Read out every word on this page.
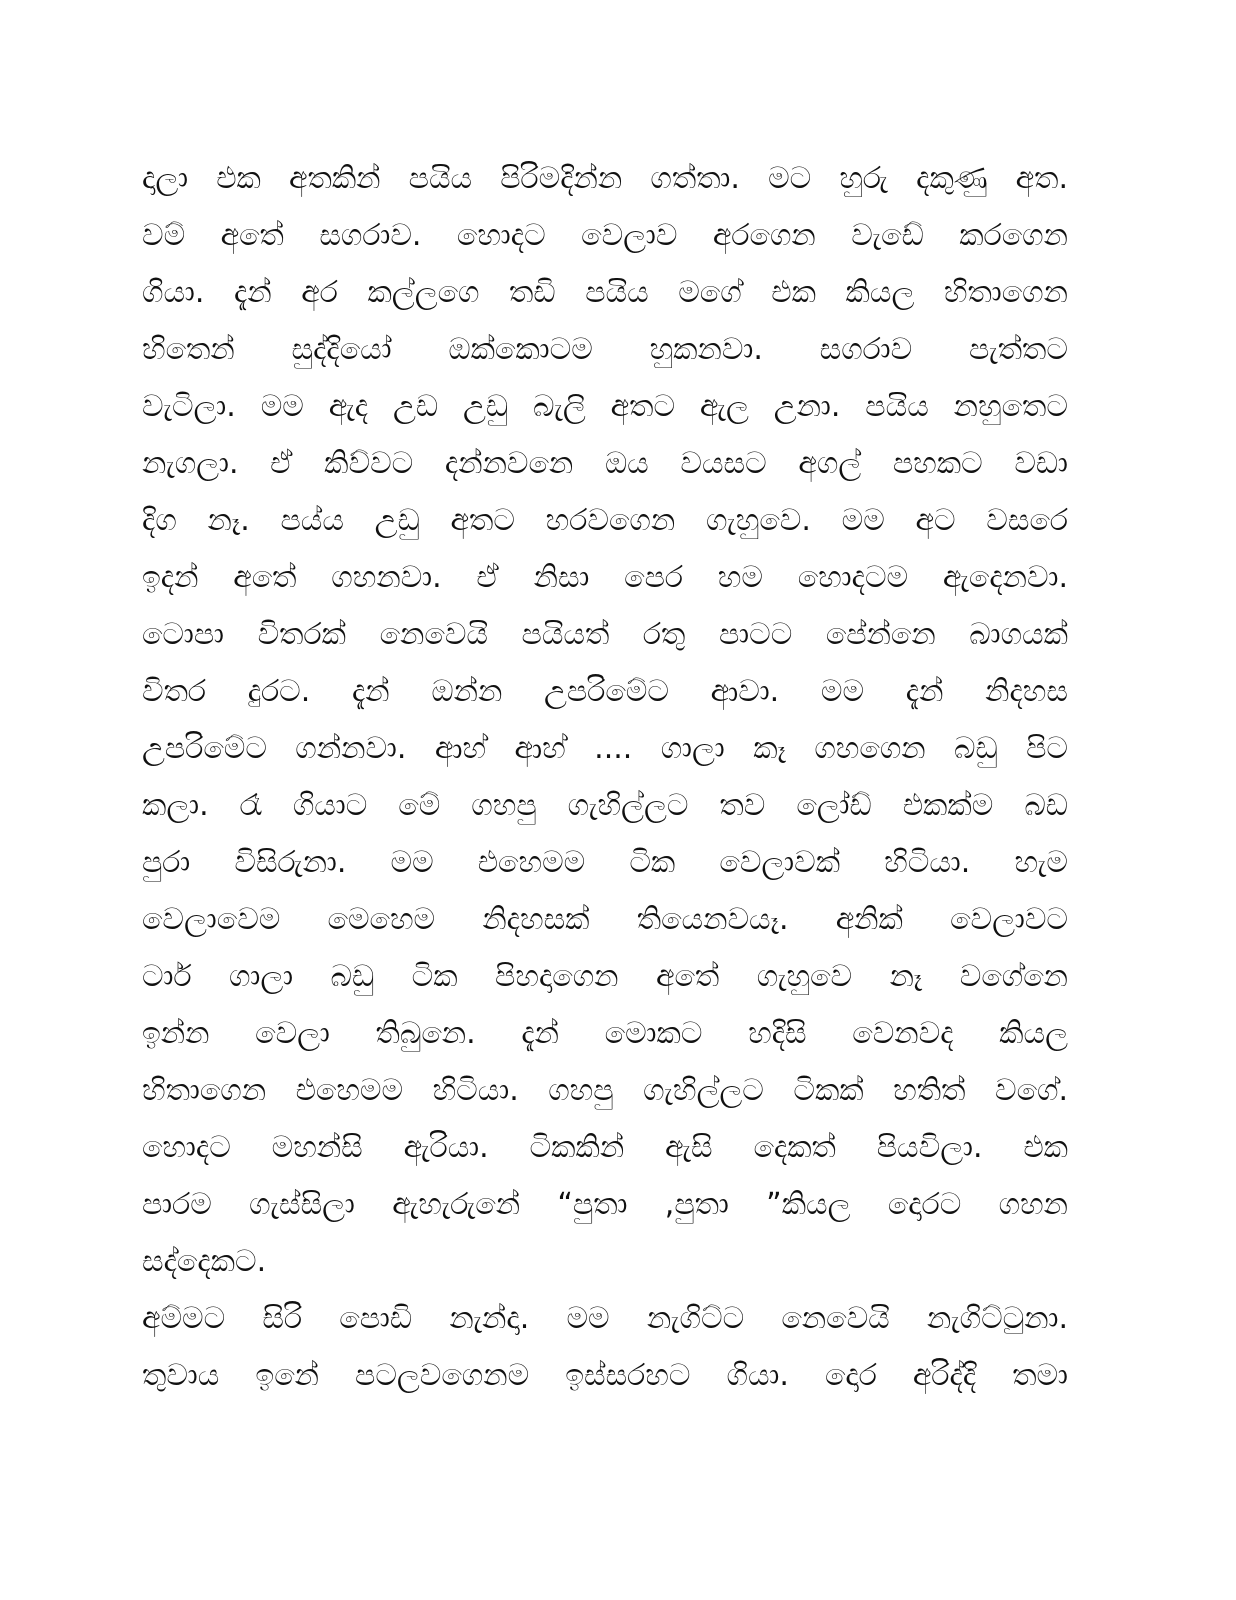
දාලා එක අතකින් පයිය පිරිමදින්න ගත්තා. මට හුරු දකුණු අත.
වම් අතේ සගරාව. හොදට වෙලාව අරගෙන වැඩේ කරගෙන
ගියා. දැන් අර කල්ලගෙ තඩි පයිය මගේ එක කියල හිතාගෙන
හිතෙන් සුද්දියෝ ඔක්කොටම හුකනවා. සගරාව පැත්තට
වැටිලා. මම ඇද උඩ උඩු බැලි අතට ඇල උනා. පයිය නහුතෙට
නැගලා. ඒ කිව්වට දන්නවනෙ ඔය වයසට අගල් පහකට වඩා
දිග නෑ. පය්ය උඩු අතට හරවගෙන ගැහුවෙ. මම අට වසරෙ
ඉදන් අතේ ගහනවා. ඒ නිසා පෙර හම හොදටම ඇදෙනවා.
ටොපා විතරක් නෙවෙයි පයියත් රතු පාටට පේන්නෙ බාගයක්
විතර දුරට. දැන් ඔන්න උපරිමේට ආවා. මම දැන් නිදහස
උපරිමේට ගන්නවා. ආහ් ආහ් .... ගාලා කෑ ගහගෙන බඩු පිට
කලා. රෑ ගියාට මේ ගහපු ගැහිල්ලට තව ලෝඩ් එකක්ම බඩ
පුරා විසිරුනා. මම එහෙමම ටික වෙලාවක් හිටියා. හැම
වෙලාවෙම මෙහෙම නිදහසක් තියෙනවයෑ. අනික් වෙලාවට
ටාර් ගාලා බඩු ටික පිහදාගෙන අතේ ගැහුවෙ නෑ වගේනෙ
ඉන්න වෙලා තිබුනෙ. දැන් මොකට හදිසි වෙනවද කියල
හිතාගෙන එහෙමම හිටියා. ගහපු ගැහිල්ලට ටිකක් හතිත් වගේ.
හොදට මහන්සි ඇරියා. ටිකකින් ඇසි දෙකත් පියවිලා. එක
පාරම ගැස්සිලා ඇහැරුනේ “පුතා ,පුතා ”කියල දොරට ගහන
සද්දෙකට.
අම්මට සිරි පොඩි නැන්දා. මම නැගිට්ට නෙවෙයි නැගිට්ටුනා.
තුවාය ඉනේ පටලවගෙනම ඉස්සරහට ගියා. දොර අරිද්දි තමා
